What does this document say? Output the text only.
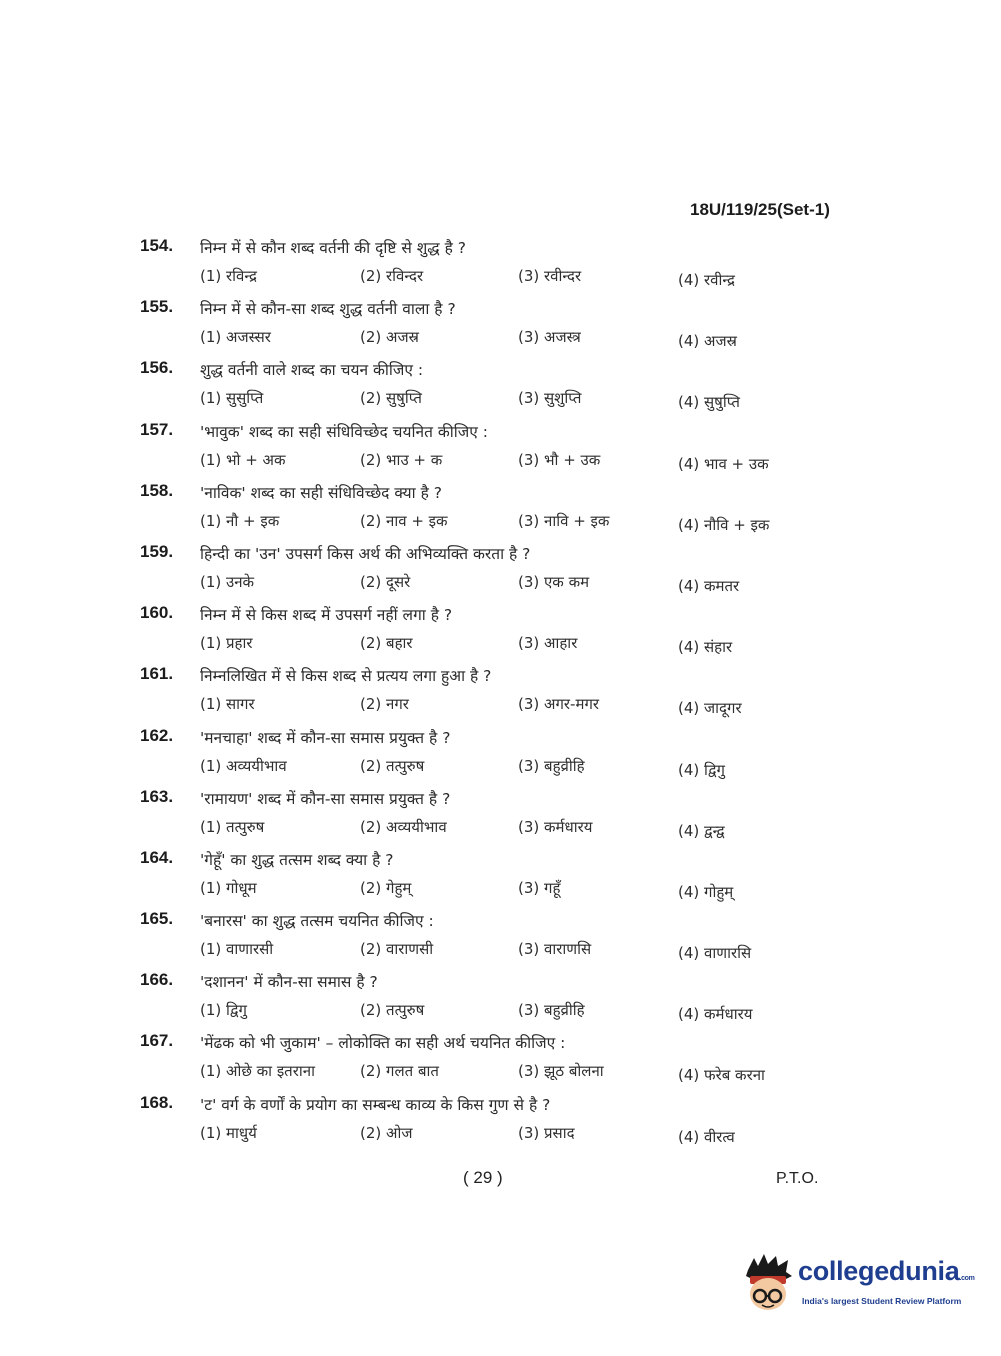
18U/119/25(Set-1)
154. निम्न में से कौन शब्द वर्तनी की दृष्टि से शुद्ध है ?
(1) रविन्द्र	(2) रविन्दर	(3) रवीन्दर	(4) रवीन्द्र
155. निम्न में से कौन-सा शब्द शुद्ध वर्तनी वाला है ?
(1) अजस्सर	(2) अजस्र	(3) अजस्त्र	(4) अजस्र
156. शुद्ध वर्तनी वाले शब्द का चयन कीजिए :
(1) सुसुप्ति	(2) सुषुप्ति	(3) सुशुप्ति	(4) सुषुप्ति
157. 'भावुक' शब्द का सही संधिविच्छेद चयनित कीजिए :
(1) भो + अक	(2) भाउ + क	(3) भौ + उक	(4) भाव + उक
158. 'नाविक' शब्द का सही संधिविच्छेद क्या है ?
(1) नौ + इक	(2) नाव + इक	(3) नावि + इक	(4) नौवि + इक
159. हिन्दी का 'उन' उपसर्ग किस अर्थ की अभिव्यक्ति करता है ?
(1) उनके	(2) दूसरे	(3) एक कम	(4) कमतर
160. निम्न में से किस शब्द में उपसर्ग नहीं लगा है ?
(1) प्रहार	(2) बहार	(3) आहार	(4) संहार
161. निम्नलिखित में से किस शब्द से प्रत्यय लगा हुआ है ?
(1) सागर	(2) नगर	(3) अगर-मगर	(4) जादूगर
162. 'मनचाहा' शब्द में कौन-सा समास प्रयुक्त है ?
(1) अव्ययीभाव	(2) तत्पुरुष	(3) बहुव्रीहि	(4) द्विगु
163. 'रामायण' शब्द में कौन-सा समास प्रयुक्त है ?
(1) तत्पुरुष	(2) अव्ययीभाव	(3) कर्मधारय	(4) द्वन्द्व
164. 'गेहूँ' का शुद्ध तत्सम शब्द क्या है ?
(1) गोधूम	(2) गेहुम्	(3) गहूँ	(4) गोहुम्
165. 'बनारस' का शुद्ध तत्सम चयनित कीजिए :
(1) वाणारसी	(2) वाराणसी	(3) वाराणसि	(4) वाणारसि
166. 'दशानन' में कौन-सा समास है ?
(1) द्विगु	(2) तत्पुरुष	(3) बहुव्रीहि	(4) कर्मधारय
167. 'मेंढक को भी जुकाम' – लोकोक्ति का सही अर्थ चयनित कीजिए :
(1) ओछे का इतराना	(2) गलत बात	(3) झूठ बोलना	(4) फरेब करना
168. 'ट' वर्ग के वर्णों के प्रयोग का सम्बन्ध काव्य के किस गुण से है ?
(1) माधुर्य	(2) ओज	(3) प्रसाद	(4) वीरत्व
( 29 )	P.T.O.
collegedunia.com
India's largest Student Review Platform
